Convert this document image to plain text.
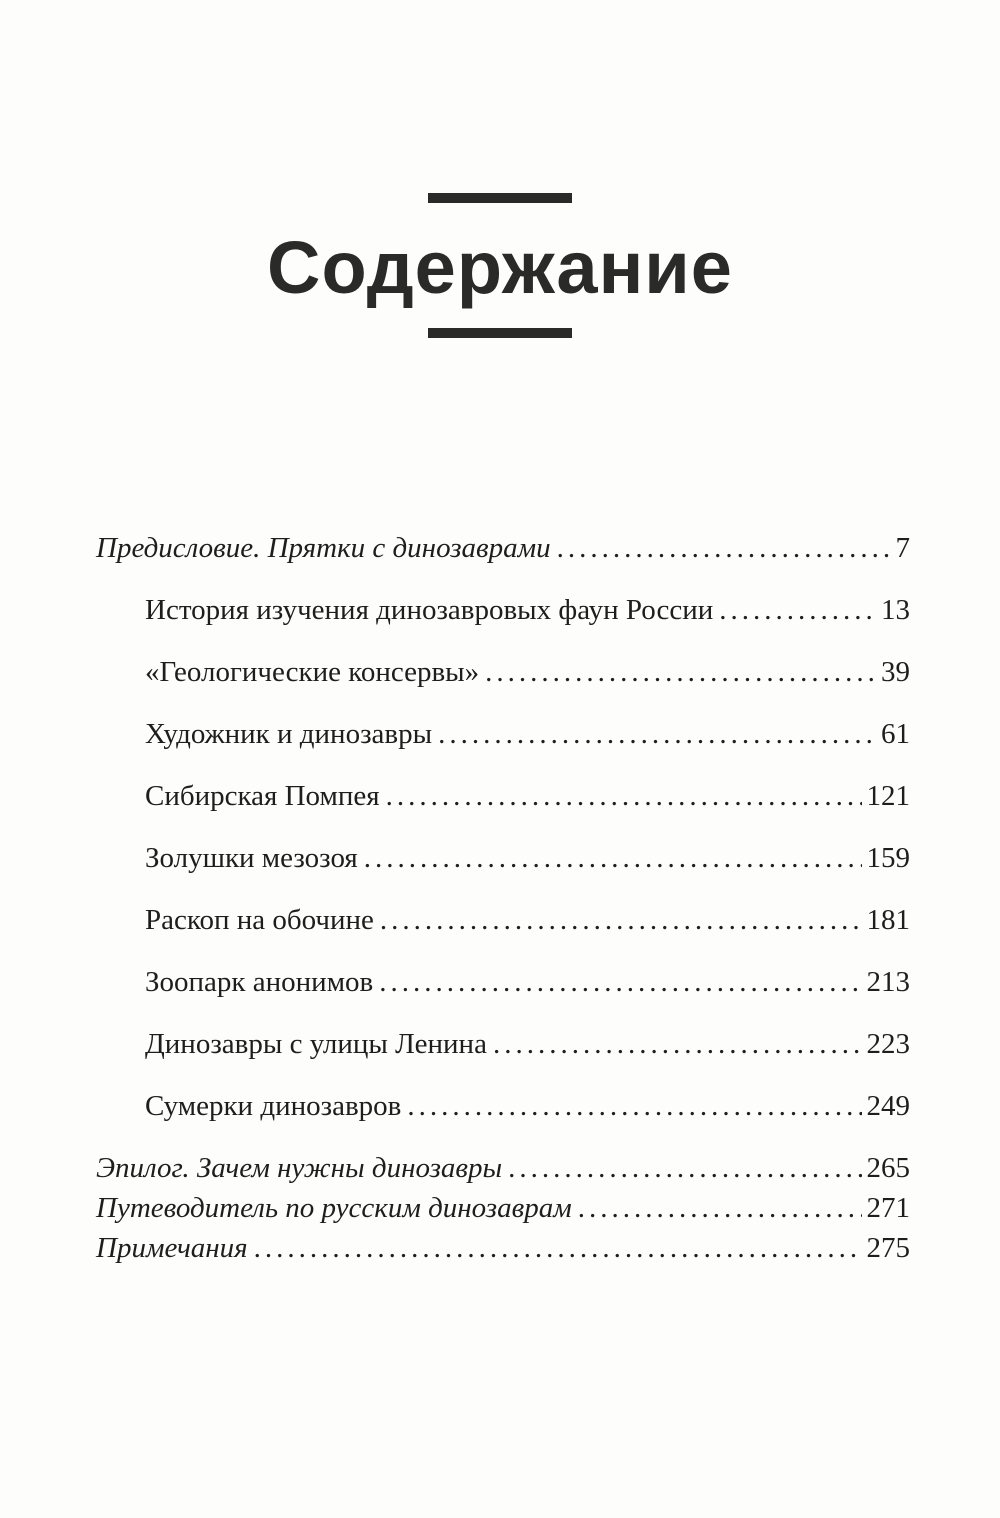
Содержание
Предисловие. Прятки с динозаврами .....	7
История изучения динозавровых фаун России .....	13
«Геологические консервы» .....	39
Художник и динозавры .....	61
Сибирская Помпея .....	121
Золушки мезозоя .....	159
Раскоп на обочине .....	181
Зоопарк анонимов .....	213
Динозавры с улицы Ленина .....	223
Сумерки динозавров .....	249
Эпилог. Зачем нужны динозавры .....	265
Путеводитель по русским динозаврам .....	271
Примечания .....	275
